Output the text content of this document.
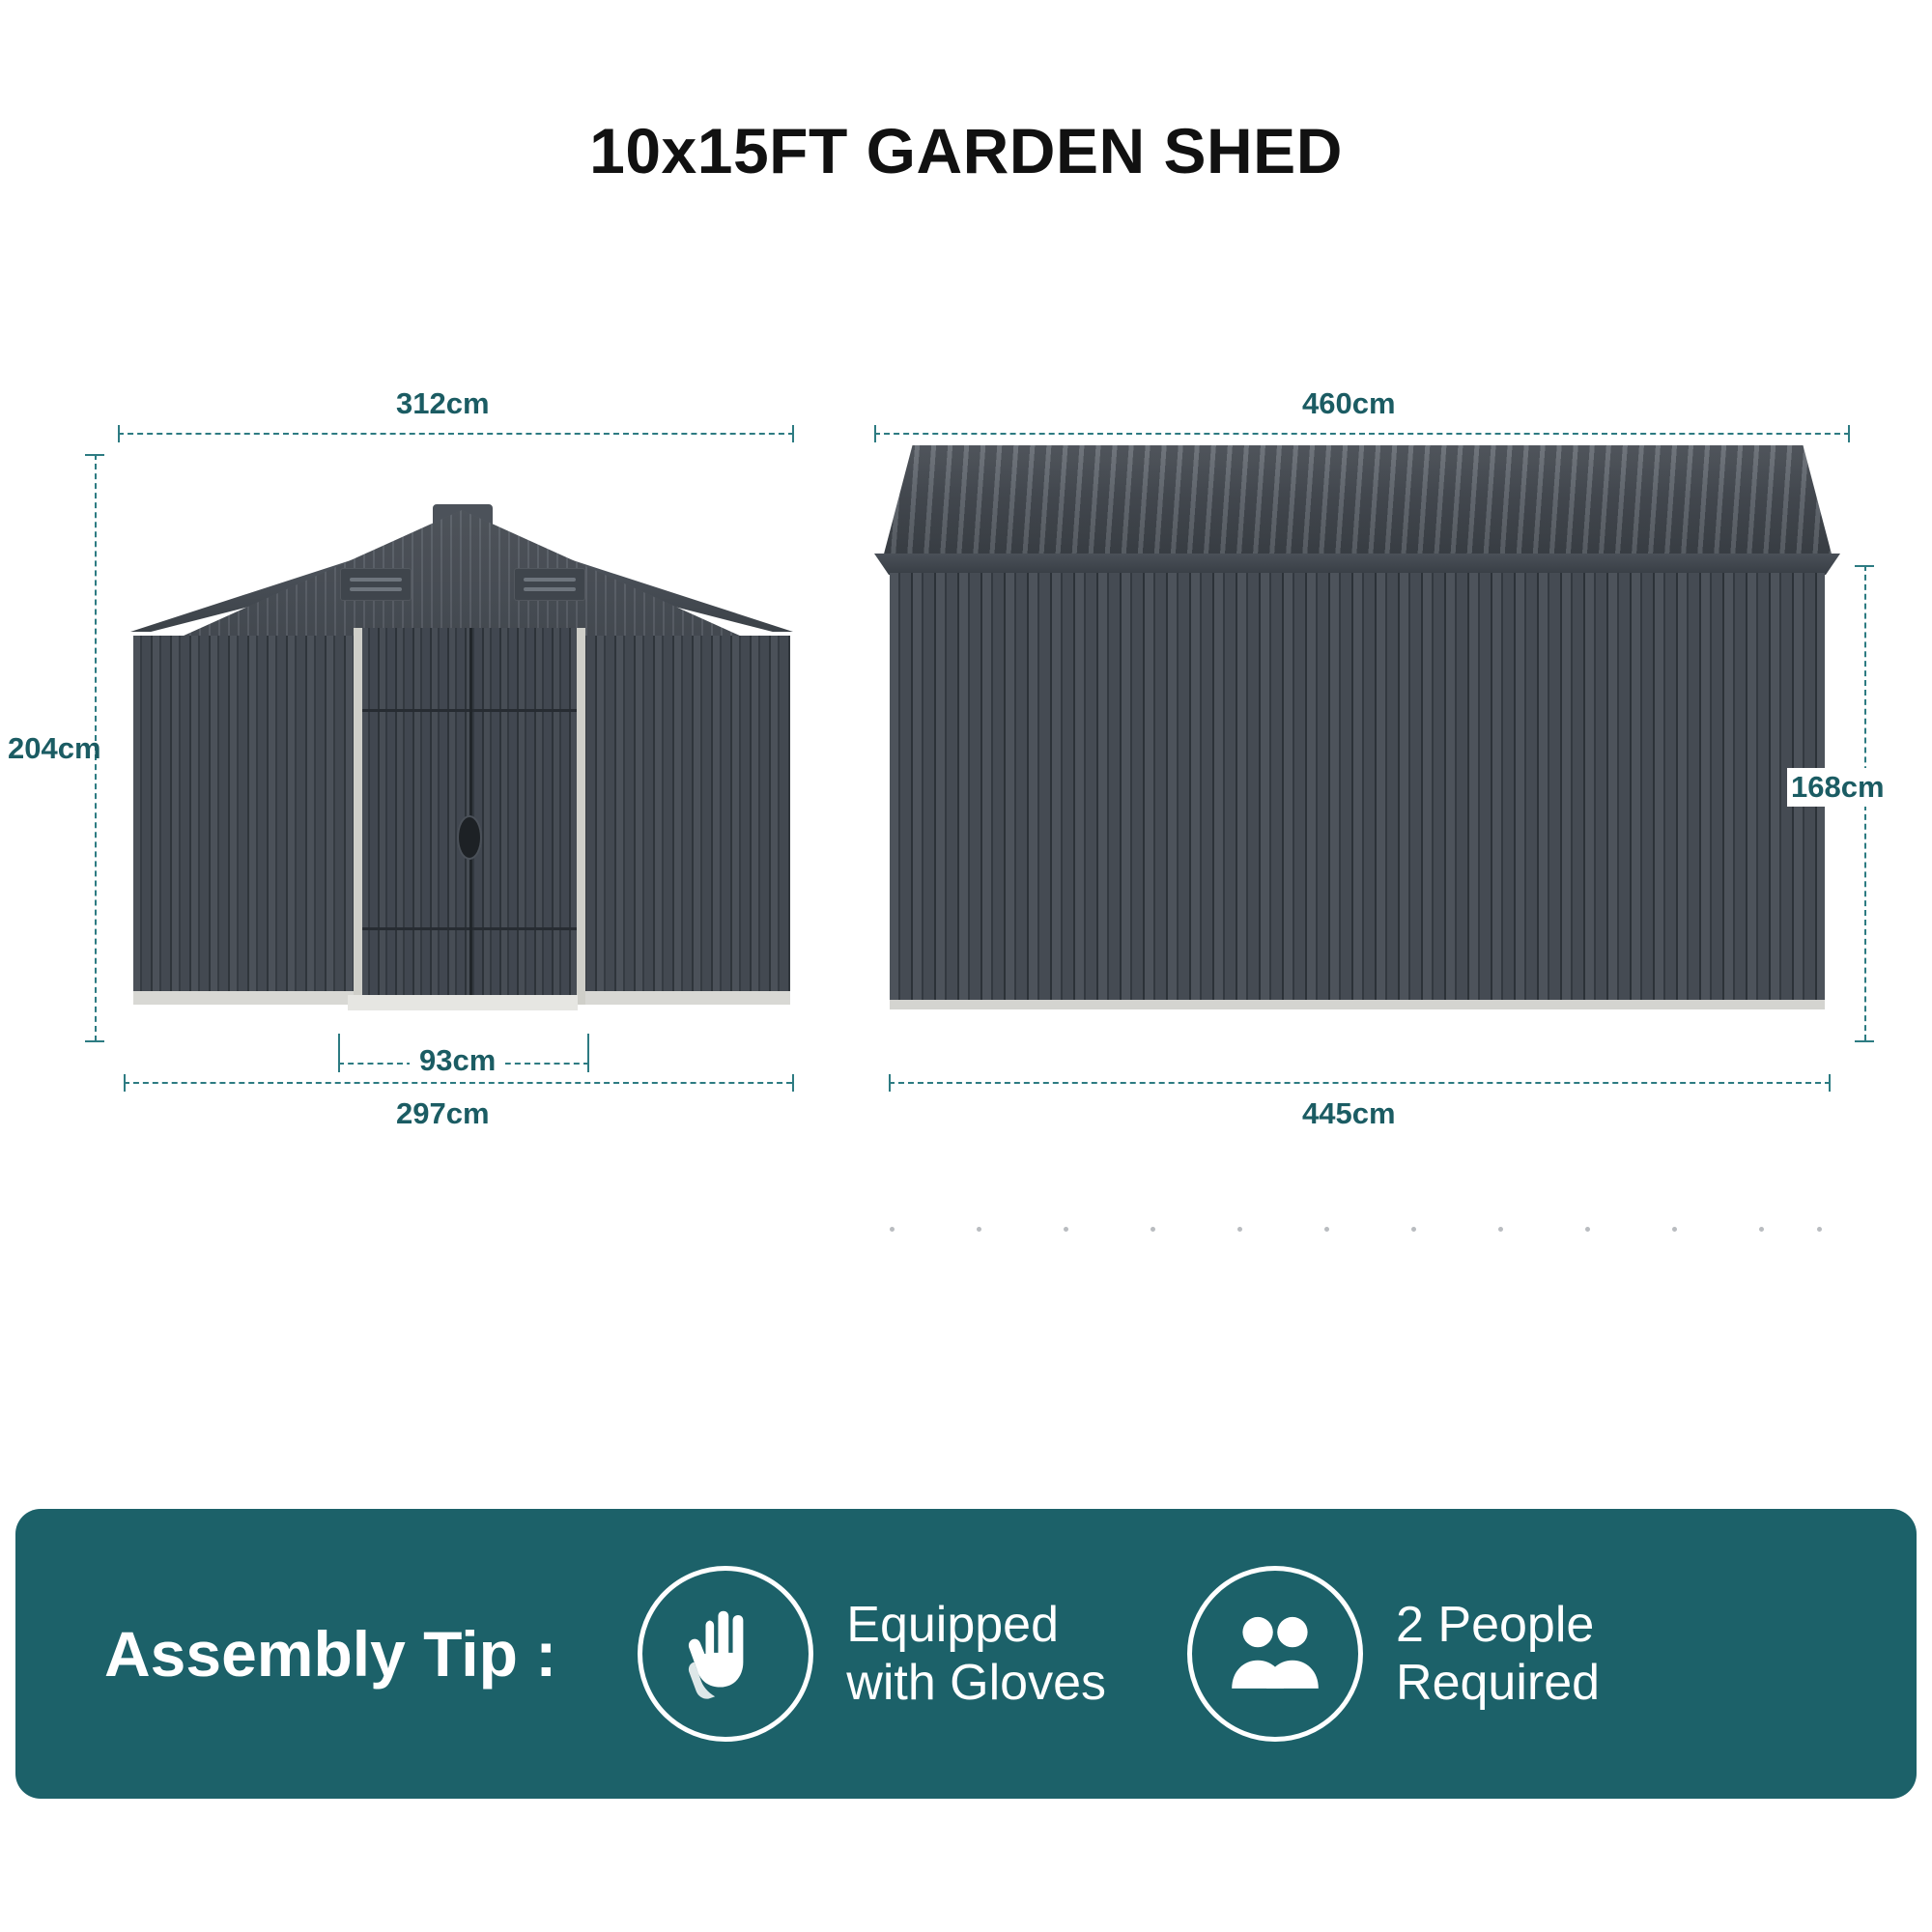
10x15FT GARDEN SHED
312cm
204cm
93cm
297cm
460cm
168cm
445cm
Assembly Tip :	Equipped
with Gloves
2 People
Required
